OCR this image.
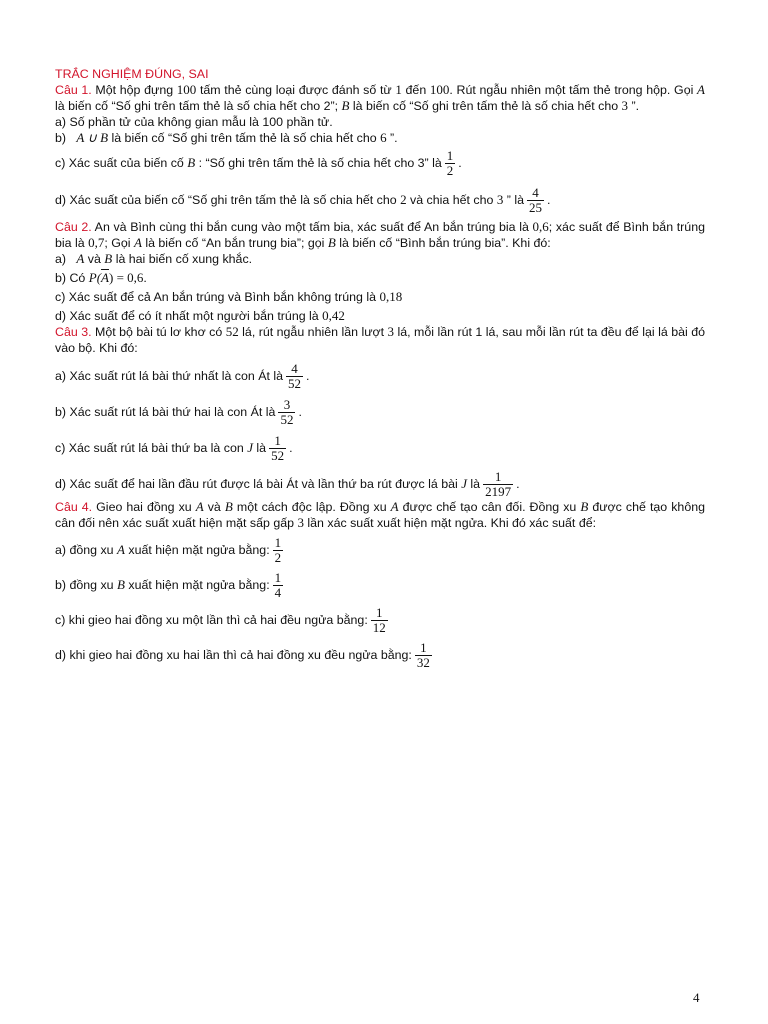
TRẮC NGHIỆM ĐÚNG, SAI

Câu 1. Một hộp đựng 100 tấm thẻ cùng loại được đánh số từ 1 đến 100. Rút ngẫu nhiên một tấm thẻ trong hộp. Gọi A là biến cố “Số ghi trên tấm thẻ là số chia hết cho 2”; B là biến cố “Số ghi trên tấm thẻ là số chia hết cho 3 ”.

a) Số phần tử của không gian mẫu là 100 phần tử.

b) A ∪ B là biến cố “Số ghi trên tấm thẻ là số chia hết cho 6 ”.

c) Xác suất của biến cố B : “Số ghi trên tấm thẻ là số chia hết cho 3” là $\frac{1}{2}$ .

d) Xác suất của biến cố “Số ghi trên tấm thẻ là số chia hết cho 2 và chia hết cho 3 ” là $\frac{4}{25}$ .

Câu 2. An và Bình cùng thi bắn cung vào một tấm bia, xác suất để An bắn trúng bia là 0,6; xác suất để Bình bắn trúng bia là 0,7; Gọi A là biến cố “An bắn trung bia”; gọi B là biến cố “Bình bắn trúng bia”. Khi đó:

a) A và B là hai biến cố xung khắc.

b) Có $P(\overline{A}) = 0,6$.

c) Xác suất để cả An bắn trúng và Bình bắn không trúng là 0,18

d) Xác suất để có ít nhất một người bắn trúng là 0,42

Câu 3. Một bộ bài tú lơ khơ có 52 lá, rút ngẫu nhiên lần lượt 3 lá, mỗi lần rút 1 lá, sau mỗi lần rút ta đều để lại lá bài đó vào bộ. Khi đó:

a) Xác suất rút lá bài thứ nhất là con Át là $\frac{4}{52}$ .

b) Xác suất rút lá bài thứ hai là con Át là $\frac{3}{52}$ .

c) Xác suất rút lá bài thứ ba là con J là $\frac{1}{52}$ .

d) Xác suất để hai lần đầu rút được lá bài Át và lần thứ ba rút được lá bài J là $\frac{1}{2197}$ .

Câu 4. Gieo hai đồng xu A và B một cách độc lập. Đồng xu A được chế tạo cân đối. Đồng xu B được chế tạo không cân đối nên xác suất xuất hiện mặt sấp gấp 3 lần xác suất xuất hiện mặt ngửa. Khi đó xác suất để:

a) đồng xu A xuất hiện mặt ngửa bằng: $\frac{1}{2}$

b) đồng xu B xuất hiện mặt ngửa bằng: $\frac{1}{4}$

c) khi gieo hai đồng xu một lần thì cả hai đều ngửa bằng: $\frac{1}{12}$

d) khi gieo hai đồng xu hai lần thì cả hai đồng xu đều ngửa bằng: $\frac{1}{32}$

4
